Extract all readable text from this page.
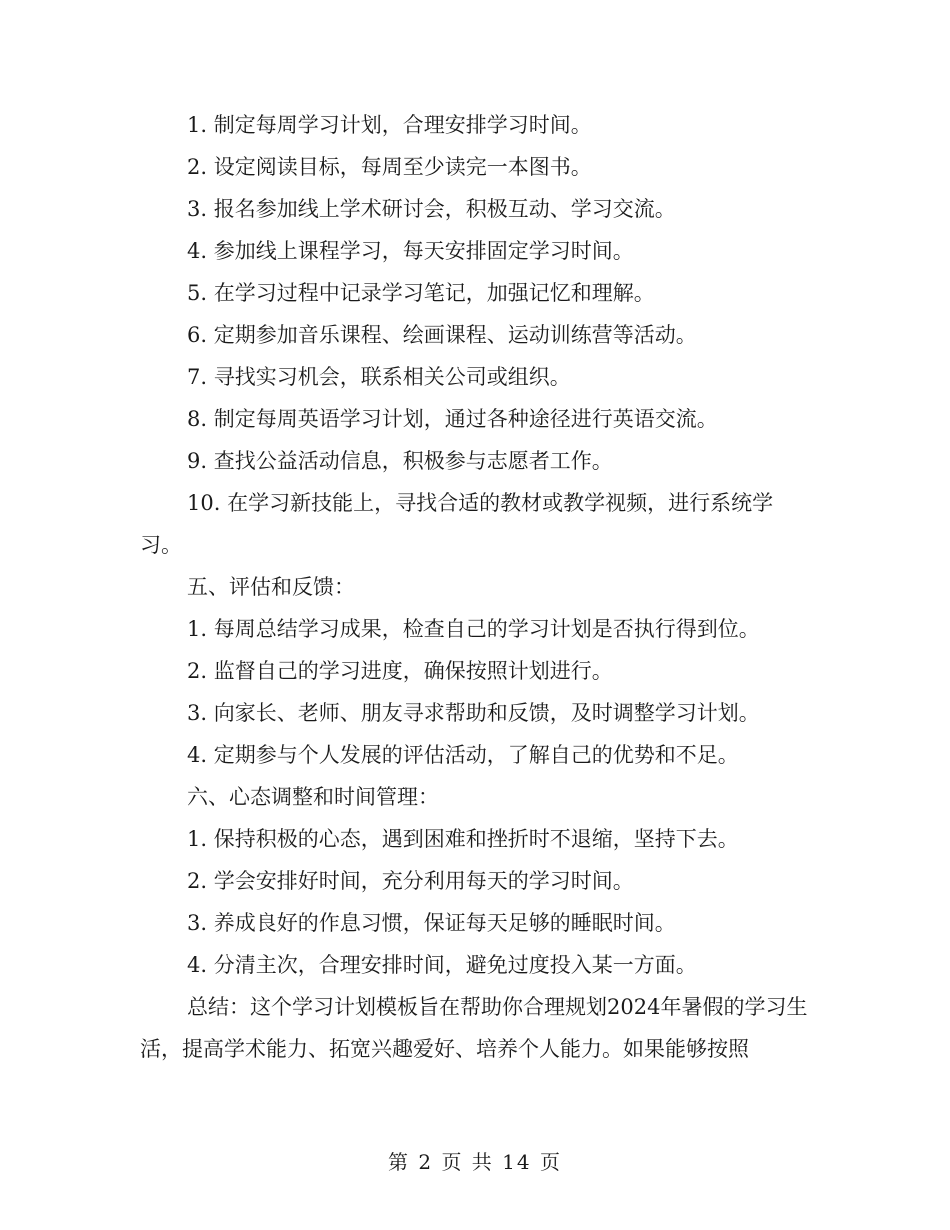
1. 制定每周学习计划，合理安排学习时间。

2. 设定阅读目标，每周至少读完一本图书。

3. 报名参加线上学术研讨会，积极互动、学习交流。

4. 参加线上课程学习，每天安排固定学习时间。

5. 在学习过程中记录学习笔记，加强记忆和理解。

6. 定期参加音乐课程、绘画课程、运动训练营等活动。

7. 寻找实习机会，联系相关公司或组织。

8. 制定每周英语学习计划，通过各种途径进行英语交流。

9. 查找公益活动信息，积极参与志愿者工作。

10. 在学习新技能上，寻找合适的教材或教学视频，进行系统学习。

五、评估和反馈：

1. 每周总结学习成果，检查自己的学习计划是否执行得到位。

2. 监督自己的学习进度，确保按照计划进行。

3. 向家长、老师、朋友寻求帮助和反馈，及时调整学习计划。

4. 定期参与个人发展的评估活动，了解自己的优势和不足。

六、心态调整和时间管理：

1. 保持积极的心态，遇到困难和挫折时不退缩，坚持下去。

2. 学会安排好时间，充分利用每天的学习时间。

3. 养成良好的作息习惯，保证每天足够的睡眠时间。

4. 分清主次，合理安排时间，避免过度投入某一方面。

总结：这个学习计划模板旨在帮助你合理规划2024年暑假的学习生活，提高学术能力、拓宽兴趣爱好、培养个人能力。如果能够按照

第 2 页 共 14 页
